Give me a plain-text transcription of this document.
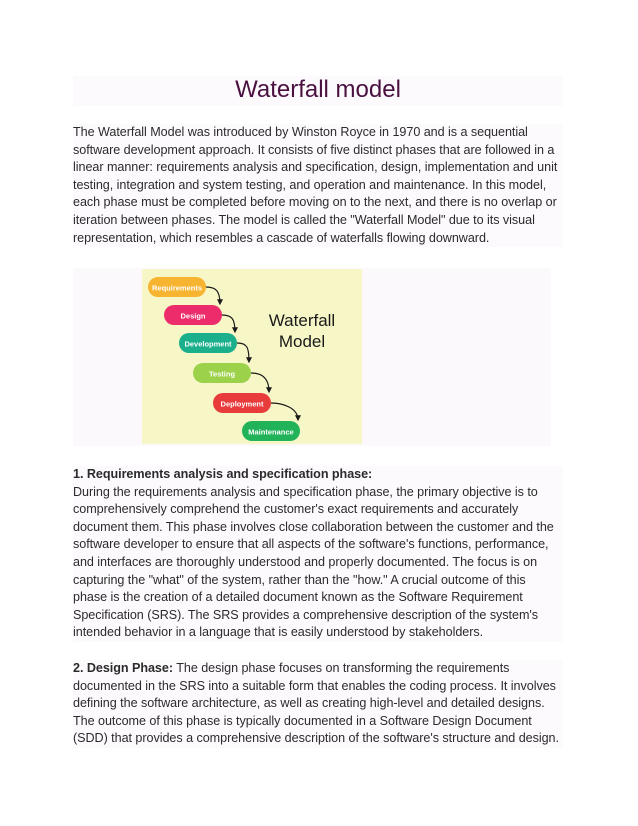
Waterfall model

The Waterfall Model was introduced by Winston Royce in 1970 and is a sequential software development approach. It consists of five distinct phases that are followed in a linear manner: requirements analysis and specification, design, implementation and unit testing, integration and system testing, and operation and maintenance. In this model, each phase must be completed before moving on to the next, and there is no overlap or iteration between phases. The model is called the "Waterfall Model" due to its visual representation, which resembles a cascade of waterfalls flowing downward.

Requirements
Design
Development
Testing
Deployment
Maintenance
Waterfall
Model

1. Requirements analysis and specification phase:
During the requirements analysis and specification phase, the primary objective is to comprehensively comprehend the customer's exact requirements and accurately document them. This phase involves close collaboration between the customer and the software developer to ensure that all aspects of the software's functions, performance, and interfaces are thoroughly understood and properly documented. The focus is on capturing the "what" of the system, rather than the "how." A crucial outcome of this phase is the creation of a detailed document known as the Software Requirement Specification (SRS). The SRS provides a comprehensive description of the system's intended behavior in a language that is easily understood by stakeholders.

2. Design Phase: The design phase focuses on transforming the requirements documented in the SRS into a suitable form that enables the coding process. It involves defining the software architecture, as well as creating high-level and detailed designs. The outcome of this phase is typically documented in a Software Design Document (SDD) that provides a comprehensive description of the software's structure and design.
